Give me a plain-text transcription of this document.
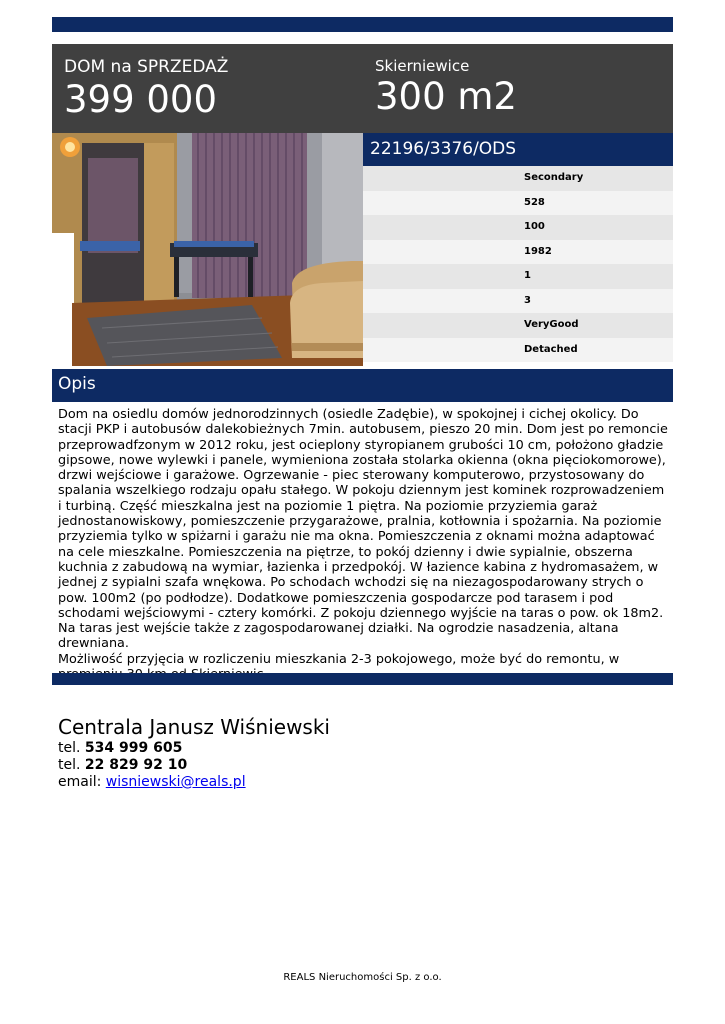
DOM na SPRZEDAŻ
399 000
Skierniewice
300 m2
22196/3376/ODS
Secondary
528
100
1982
1
3
VeryGood
Detached
Opis
Dom na osiedlu domów jednorodzinnych (osiedle Zadębie), w spokojnej i cichej okolicy. Do stacji PKP i autobusów dalekobieżnych 7min. autobusem, pieszo 20 min. Dom jest po remoncie przeprowadfzonym w 2012 roku, jest ocieplony styropianem grubości 10 cm, położono gładzie gipsowe, nowe wylewki i panele, wymieniona została stolarka okienna (okna pięciokomorowe), drzwi wejściowe i garażowe. Ogrzewanie - piec sterowany komputerowo, przystosowany do spalania wszelkiego rodzaju opału stałego. W pokoju dziennym jest kominek rozprowadzeniem i turbiną. Część mieszkalna jest na poziomie 1 piętra. Na poziomie przyziemia garaż jednostanowiskowy, pomieszczenie przygarażowe, pralnia, kotłownia i spożarnia. Na poziomie przyziemia tylko w spiżarni i garażu nie ma okna. Pomieszczenia z oknami można adaptować na cele mieszkalne. Pomieszczenia na piętrze, to pokój dzienny i dwie sypialnie, obszerna kuchnia z zabudową na wymiar, łazienka i przedpokój. W łazience kabina z hydromasażem, w jednej z sypialni szafa wnękowa. Po schodach wchodzi się na niezagospodarowany strych o pow. 100m2 (po podłodze). Dodatkowe pomieszczenia gospodarcze pod tarasem i pod schodami wejściowymi - cztery komórki. Z pokoju dziennego wyjście na taras o pow. ok 18m2. Na taras jest wejście także z zagospodarowanej działki. Na ogrodzie nasadzenia, altana drewniana.
Możliwość przyjęcia w rozliczeniu mieszkania 2-3 pokojowego, może być do remontu, w
Centrala Janusz Wiśniewski
tel. 534 999 605
tel. 22 829 92 10
email: wisniewski@reals.pl
REALS Nieruchomości Sp. z o.o.
